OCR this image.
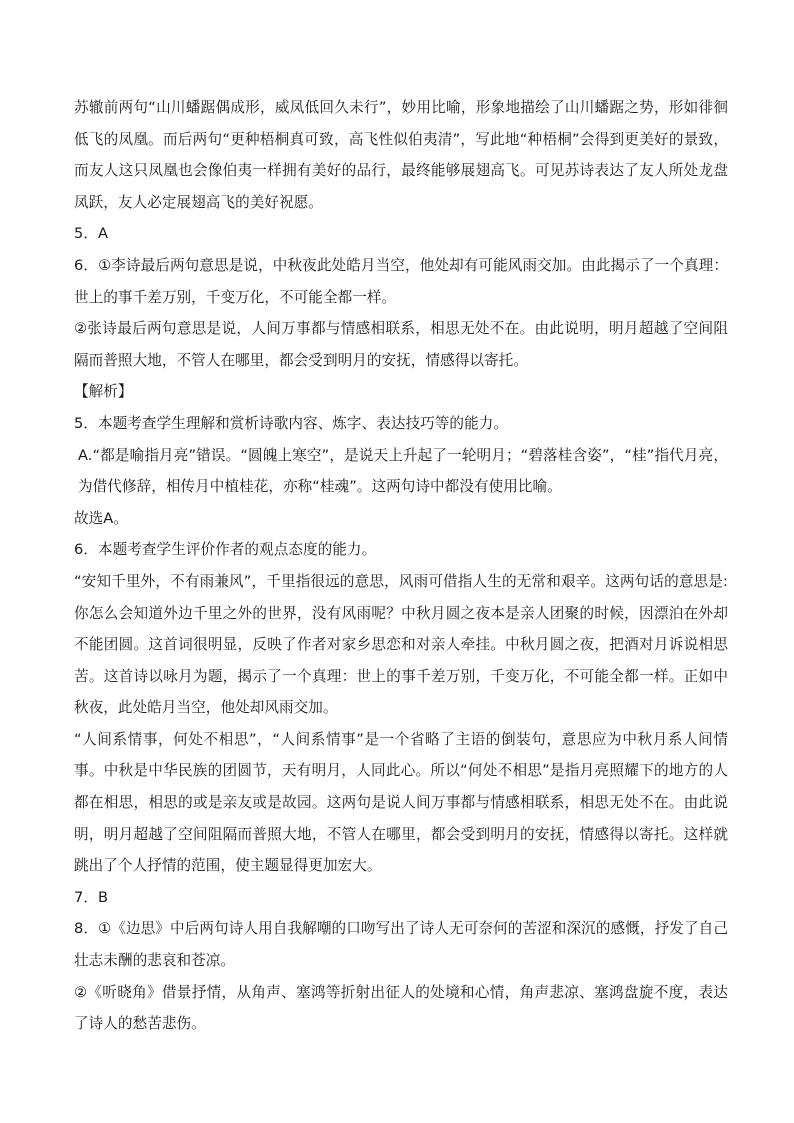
苏辙前两句“山川蟠踞偶成形，威凤低回久未行”，妙用比喻，形象地描绘了山川蟠踞之势，形如徘徊低飞的凤凰。而后两句“更种梧桐真可致，高飞性似伯夷清”，写此地“种梧桐”会得到更美好的景致，而友人这只凤凰也会像伯夷一样拥有美好的品行，最终能够展翅高飞。可见苏诗表达了友人所处龙盘凤跃，友人必定展翅高飞的美好祝愿。

5．A

6．①李诗最后两句意思是说，中秋夜此处皓月当空，他处却有可能风雨交加。由此揭示了一个真理：世上的事千差万别，千变万化，不可能全都一样。

②张诗最后两句意思是说，人间万事都与情感相联系，相思无处不在。由此说明，明月超越了空间阻隔而普照大地，不管人在哪里，都会受到明月的安抚，情感得以寄托。

【解析】

5．本题考查学生理解和赏析诗歌内容、炼字、表达技巧等的能力。

A.“都是喻指月亮”错误。“圆魄上寒空”，是说天上升起了一轮明月；“碧落桂含姿”，“桂”指代月亮，为借代修辞，相传月中植桂花，亦称“桂魂”。这两句诗中都没有使用比喻。

故选A。

6．本题考查学生评价作者的观点态度的能力。

“安知千里外，不有雨兼风”，千里指很远的意思，风雨可借指人生的无常和艰辛。这两句话的意思是: 你怎么会知道外边千里之外的世界，没有风雨呢？中秋月圆之夜本是亲人团聚的时候，因漂泊在外却不能团圆。这首词很明显，反映了作者对家乡思恋和对亲人牵挂。中秋月圆之夜，把酒对月诉说相思苦。这首诗以咏月为题，揭示了一个真理：世上的事千差万别，千变万化，不可能全都一样。正如中秋夜，此处皓月当空，他处却风雨交加。

“人间系情事，何处不相思”，“人间系情事”是一个省略了主语的倒装句，意思应为中秋月系人间情事。中秋是中华民族的团圆节，天有明月，人同此心。所以“何处不相思”是指月亮照耀下的地方的人都在相思，相思的或是亲友或是故园。这两句是说人间万事都与情感相联系，相思无处不在。由此说明，明月超越了空间阻隔而普照大地，不管人在哪里，都会受到明月的安抚，情感得以寄托。这样就跳出了个人抒情的范围，使主题显得更加宏大。

7．B

8．①《边思》中后两句诗人用自我解嘲的口吻写出了诗人无可奈何的苦涩和深沉的感慨，抒发了自己壮志未酬的悲哀和苍凉。

②《听晓角》借景抒情，从角声、塞鸿等折射出征人的处境和心情，角声悲凉、塞鸿盘旋不度，表达了诗人的愁苦悲伤。
